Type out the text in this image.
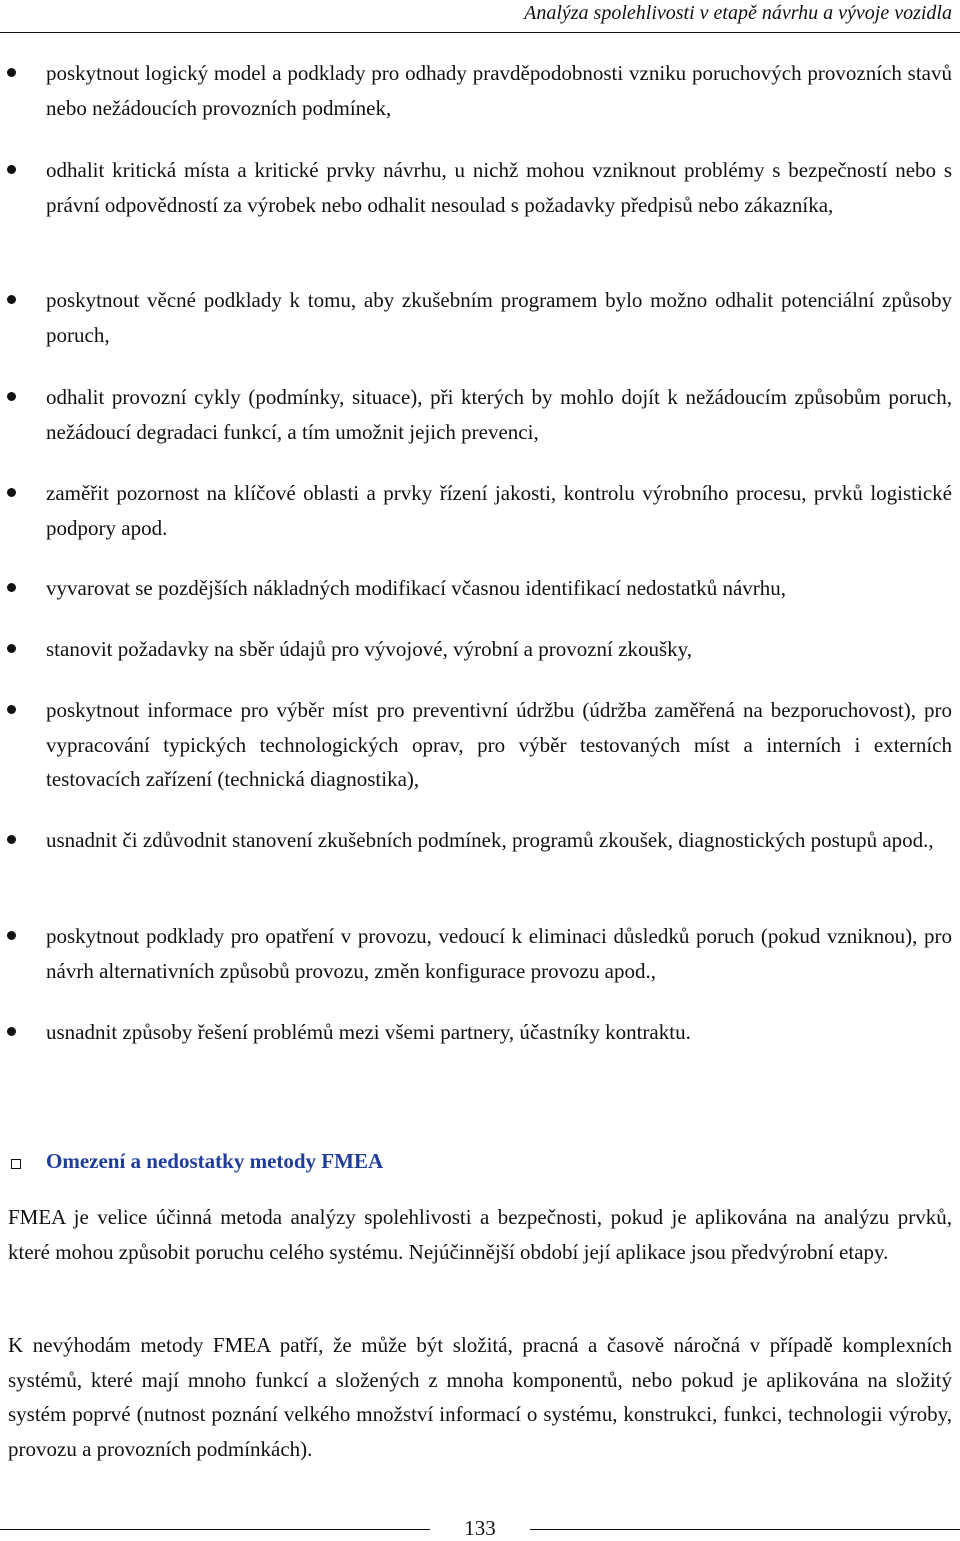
Analýza spolehlivosti v etapě návrhu a vývoje vozidla
poskytnout logický model a podklady pro odhady pravděpodobnosti vzniku poruchových provozních stavů nebo nežádoucích provozních podmínek,
odhalit kritická místa a kritické prvky návrhu, u nichž mohou vzniknout problémy s bezpečností nebo s právní odpovědností za výrobek nebo odhalit nesoulad s požadavky předpisů nebo zákazníka,
poskytnout věcné podklady k tomu, aby zkušebním programem bylo možno odhalit potenciální způsoby poruch,
odhalit provozní cykly (podmínky, situace), při kterých by mohlo dojít k nežádoucím způsobům poruch, nežádoucí degradaci funkcí, a tím umožnit jejich prevenci,
zaměřit pozornost na klíčové oblasti a prvky řízení jakosti, kontrolu výrobního procesu, prvků logistické podpory apod.
vyvarovat se pozdějších nákladných modifikací včasnou identifikací nedostatků návrhu,
stanovit požadavky na sběr údajů pro vývojové, výrobní a provozní zkoušky,
poskytnout informace pro výběr míst pro preventivní údržbu (údržba zaměřená na bezporuchovost), pro vypracování typických technologických oprav, pro výběr testovaných míst a interních i externích testovacích zařízení (technická diagnostika),
usnadnit či zdůvodnit stanovení zkušebních podmínek, programů zkoušek, diagnostických postupů apod.,
poskytnout podklady pro opatření v provozu, vedoucí k eliminaci důsledků poruch (pokud vzniknou), pro návrh alternativních způsobů provozu, změn konfigurace provozu apod.,
usnadnit způsoby řešení problémů mezi všemi partnery, účastníky kontraktu.
Omezení a nedostatky metody FMEA
FMEA je velice účinná metoda analýzy spolehlivosti a bezpečnosti, pokud je aplikována na analýzu prvků, které mohou způsobit poruchu celého systému. Nejúčinnější období její aplikace jsou předvýrobní etapy.
K nevýhodám metody FMEA patří, že může být složitá, pracná a časově náročná v případě komplexních systémů, které mají mnoho funkcí a složených z mnoha komponentů, nebo pokud je aplikována na složitý systém poprvé (nutnost poznání velkého množství informací o systému, konstrukci, funkci, technologii výroby, provozu a provozních podmínkách).
133
